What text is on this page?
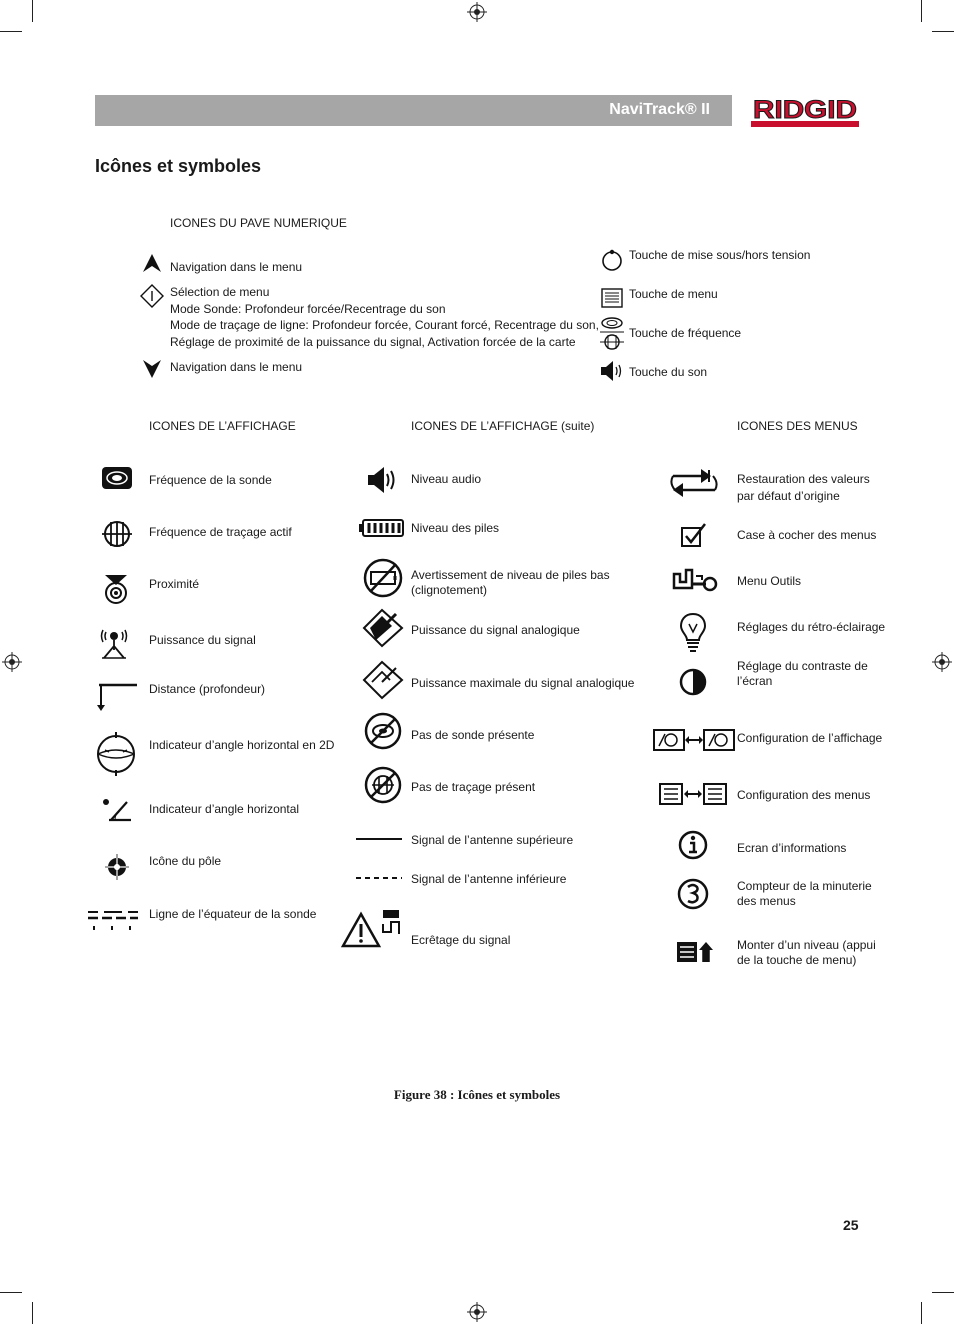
NaviTrack® II RIDGID
Icônes et symboles
ICONES DU PAVE NUMERIQUE
Navigation dans le menu
Sélection de menu
Mode Sonde: Profondeur forcée/Recentrage du son
Mode de traçage de ligne: Profondeur forcée, Courant forcé, Recentrage du son,
Réglage de proximité de la puissance du signal, Activation forcée de la carte
Navigation dans le menu
Touche de mise sous/hors tension
Touche de menu
Touche de fréquence
Touche du son
ICONES DE L’AFFICHAGE	ICONES DE L’AFFICHAGE (suite)	ICONES DES MENUS
Fréquence de la sonde
Fréquence de traçage actif
Proximité
Puissance du signal
Distance (profondeur)
Indicateur d’angle horizontal en 2D
Indicateur d’angle horizontal
Icône du pôle
Ligne de l’équateur de la sonde
Niveau audio
Niveau des piles
Avertissement de niveau de piles bas
(clignotement)
Puissance du signal analogique
Puissance maximale du signal analogique
Pas de sonde présente
Pas de traçage présent
Signal de l’antenne supérieure
Signal de l’antenne inférieure
Ecrêtage du signal
Restauration des valeurs
par défaut d’origine
Case à cocher des menus
Menu Outils
Réglages du rétro-éclairage
Réglage du contraste de
l’écran
Configuration de l’affichage
Configuration des menus
Ecran d’informations
Compteur de la minuterie
des menus
Monter d’un niveau (appui
de la touche de menu)
Figure 38 : Icônes et symboles
25
